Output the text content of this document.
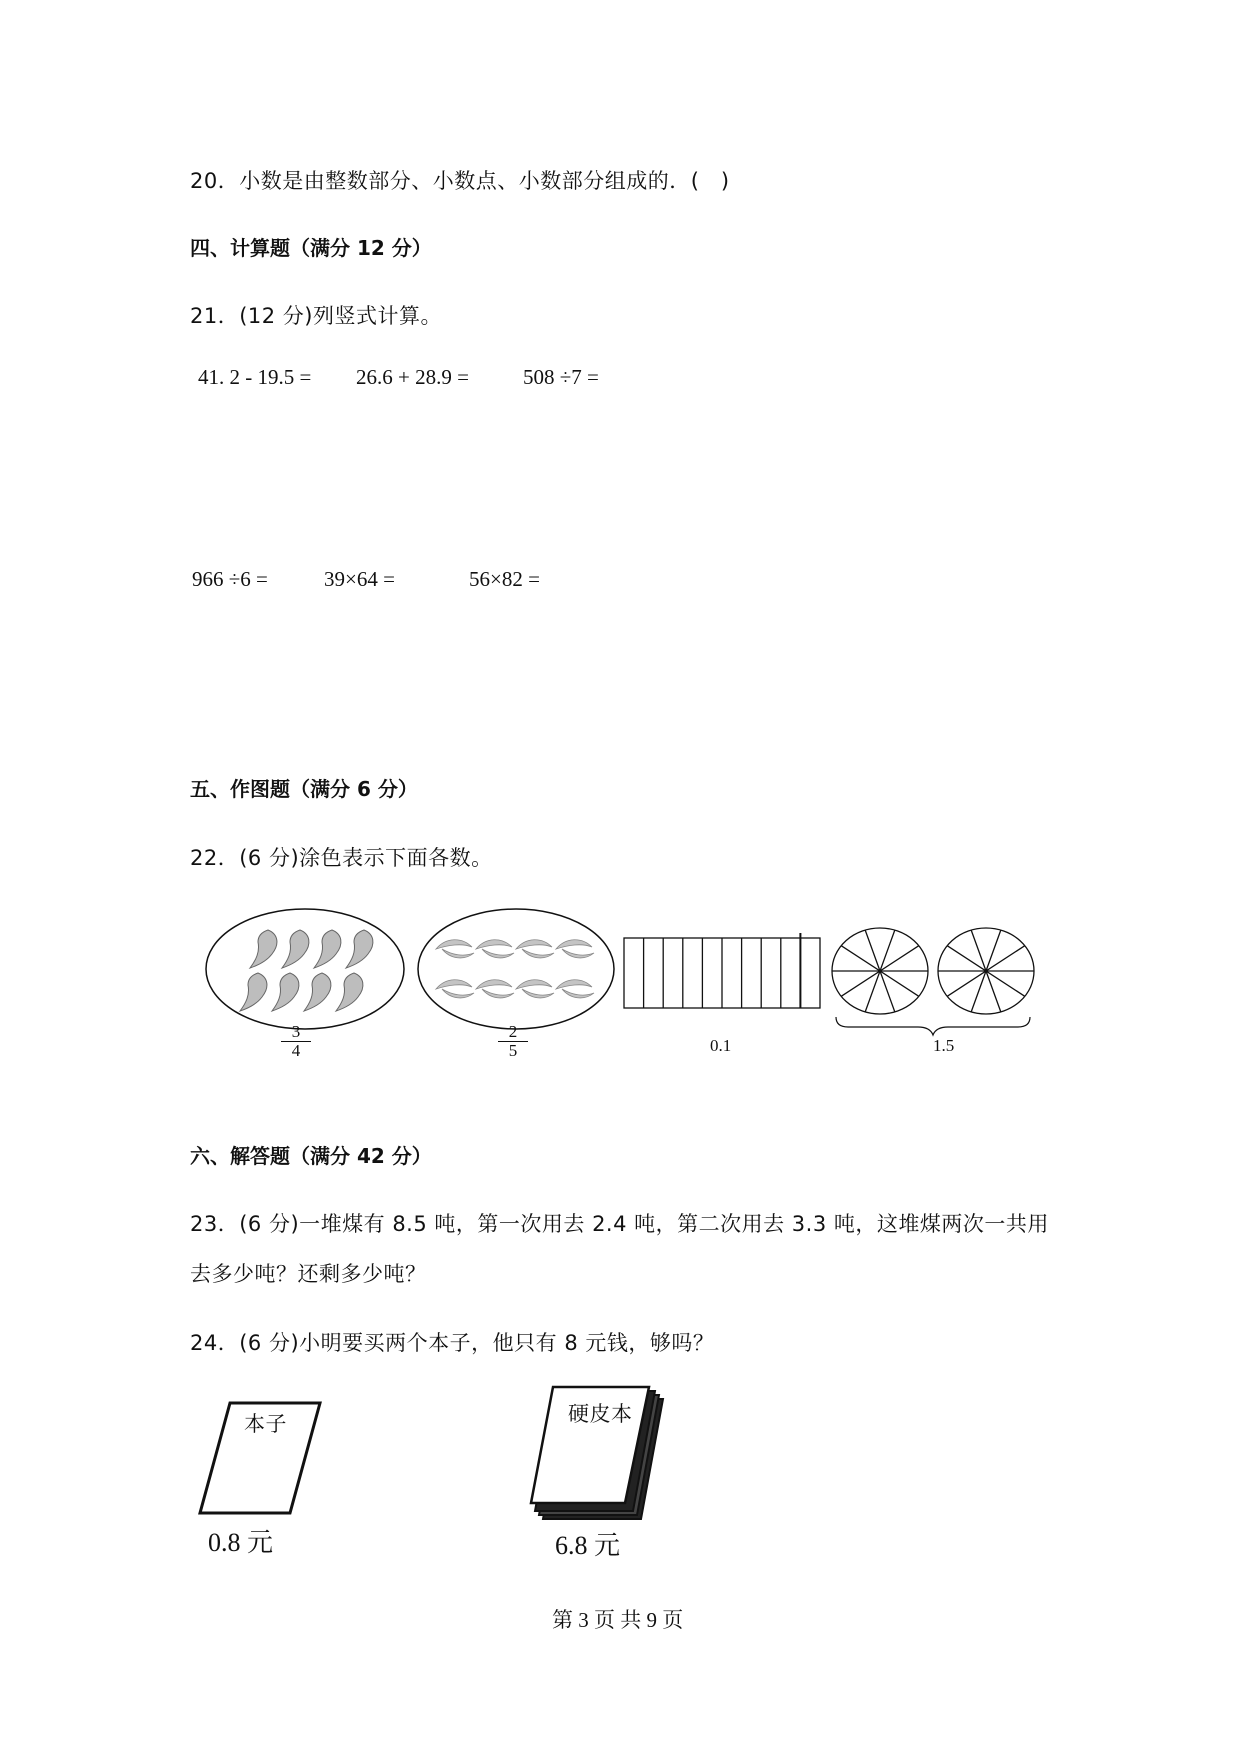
20．小数是由整数部分、小数点、小数部分组成的．(　)
四、计算题（满分 12 分）
21．(12 分)列竖式计算。
41. 2 - 19.5 = 26.6 + 28.9 =	508 ÷7 =
966 ÷6 =	39×64 =	56×82 =
五、作图题（满分 6 分）
22．(6 分)涂色表示下面各数。
$\frac{3}{4}$	$\frac{2}{5}$	0.1	1.5
六、解答题（满分 42 分）
23．(6 分)一堆煤有 8.5 吨，第一次用去 2.4 吨，第二次用去 3.3 吨，这堆煤两次一共用
去多少吨？还剩多少吨？
24．(6 分)小明要买两个本子，他只有 8 元钱，够吗？
本子
0.8 元
硬皮本
6.8 元
第 3 页 共 9 页
